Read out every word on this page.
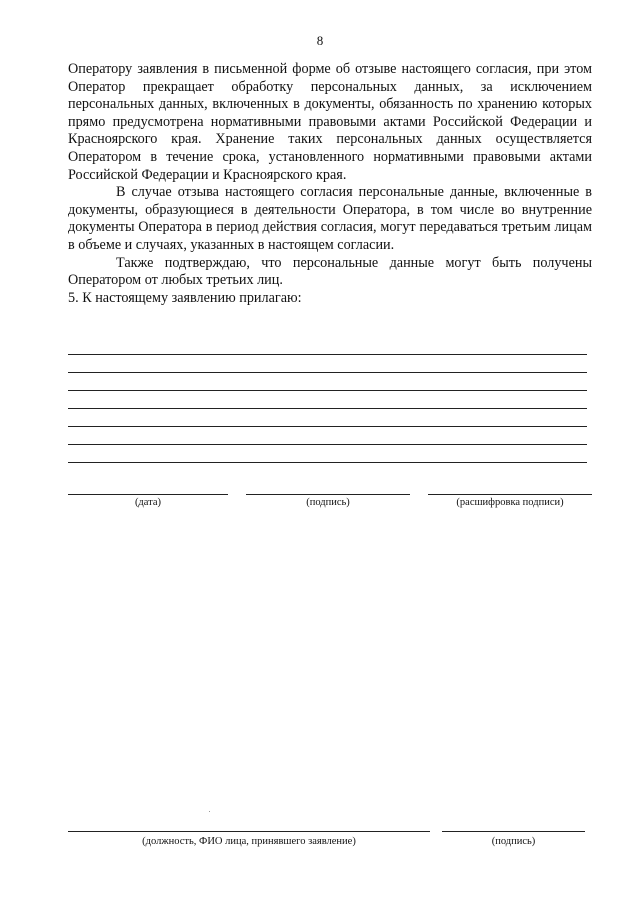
8

Оператору заявления в письменной форме об отзыве настоящего согласия, при этом Оператор прекращает обработку персональных данных, за исключением персональных данных, включенных в документы, обязанность по хранению которых прямо предусмотрена нормативными правовыми актами Российской Федерации и Красноярского края. Хранение таких персональных данных осуществляется Оператором в течение срока, установленного нормативными правовыми актами Российской Федерации и Красноярского края.

В случае отзыва настоящего согласия персональные данные, включенные в документы, образующиеся в деятельности Оператора, в том числе во внутренние документы Оператора в период действия согласия, могут передаваться третьим лицам в объеме и случаях, указанных в настоящем согласии.

Также подтверждаю, что персональные данные могут быть получены Оператором от любых третьих лиц.

5. К настоящему заявлению прилагаю:

(дата)	(подпись)	(расшифровка подписи)
(должность, ФИО лица, принявшего заявление)	(подпись)
